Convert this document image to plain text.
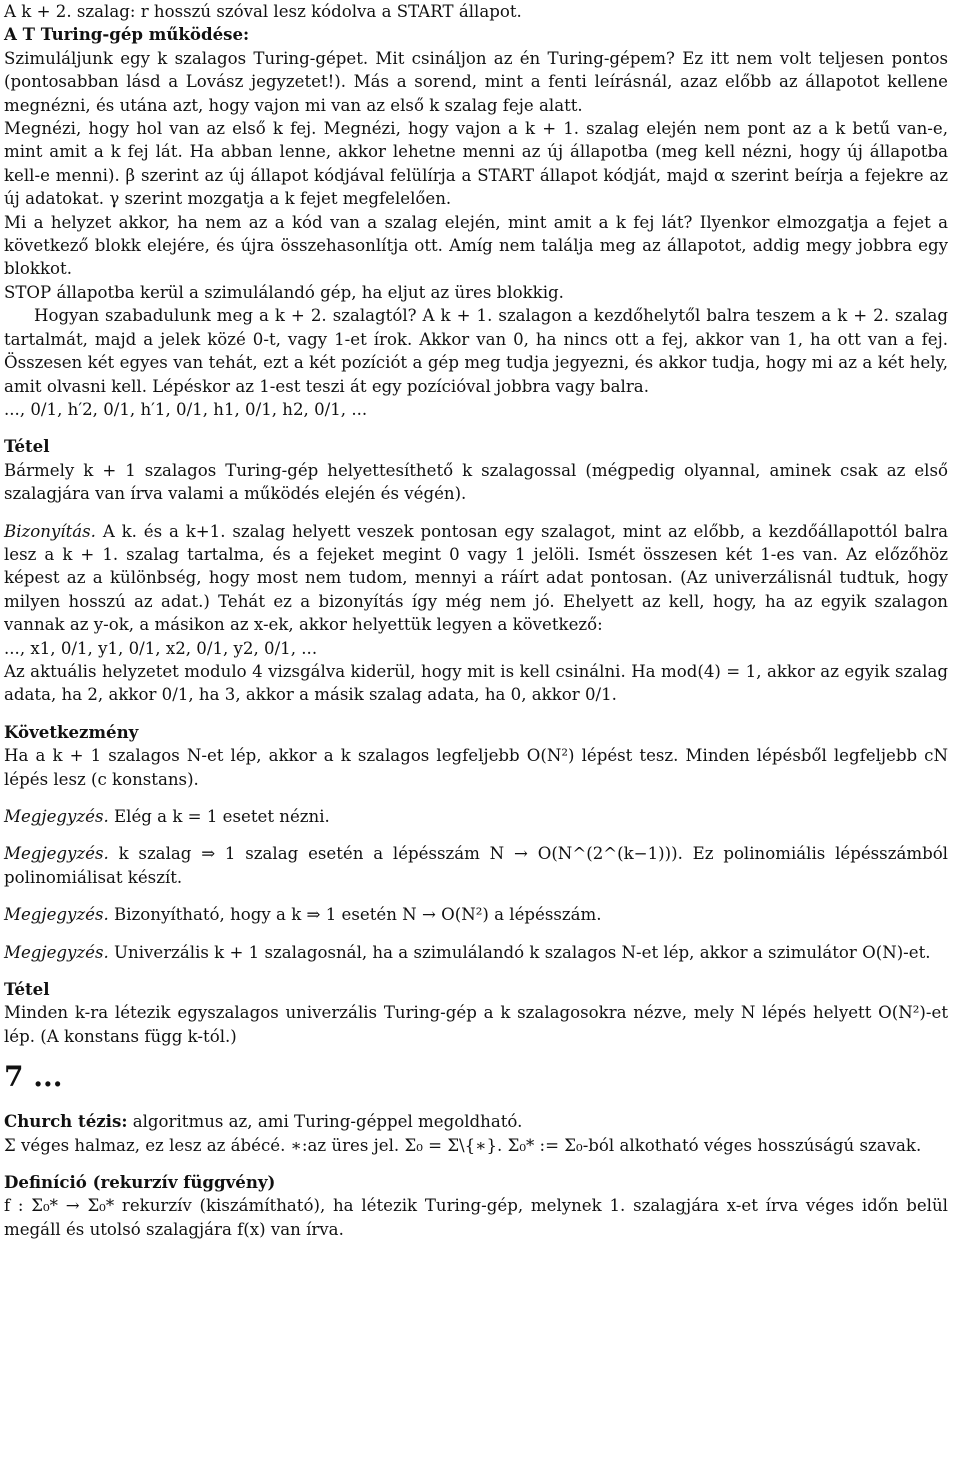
A k + 2. szalag: r hosszú szóval lesz kódolva a START állapot.

A T Turing-gép működése:

Szimuláljunk egy k szalagos Turing-gépet. Mit csináljon az én Turing-gépem? Ez itt nem volt teljesen pontos (pontosabban lásd a Lovász jegyzetet!). Más a sorend, mint a fenti leírásnál, azaz előbb az állapotot kellene megnézni, és utána azt, hogy vajon mi van az első k szalag feje alatt.

Megnézi, hogy hol van az első k fej. Megnézi, hogy vajon a k + 1. szalag elején nem pont az a k betű van-e, mint amit a k fej lát. Ha abban lenne, akkor lehetne menni az új állapotba (meg kell nézni, hogy új állapotba kell-e menni). β szerint az új állapot kódjával felülírja a START állapot kódját, majd α szerint beírja a fejekre az új adatokat. γ szerint mozgatja a k fejet megfelelően.

Mi a helyzet akkor, ha nem az a kód van a szalag elején, mint amit a k fej lát? Ilyenkor elmozgatja a fejet a következő blokk elejére, és újra összehasonlítja ott. Amíg nem találja meg az állapotot, addig megy jobbra egy blokkot.

STOP állapotba kerül a szimulálandó gép, ha eljut az üres blokkig.

Hogyan szabadulunk meg a k + 2. szalagtól? A k + 1. szalagon a kezdőhelytől balra teszem a k + 2. szalag tartalmát, majd a jelek közé 0-t, vagy 1-et írok. Akkor van 0, ha nincs ott a fej, akkor van 1, ha ott van a fej. Összesen két egyes van tehát, ezt a két pozíciót a gép meg tudja jegyezni, és akkor tudja, hogy mi az a két hely, amit olvasni kell. Lépéskor az 1-est teszi át egy pozícióval jobbra vagy balra.

..., 0/1, h′2, 0/1, h′1, 0/1, h1, 0/1, h2, 0/1, ...

Tétel

Bármely k + 1 szalagos Turing-gép helyettesíthető k szalagossal (mégpedig olyannal, aminek csak az első szalagjára van írva valami a működés elején és végén).

Bizonyítás. A k. és a k+1. szalag helyett veszek pontosan egy szalagot, mint az előbb, a kezdőállapottól balra lesz a k + 1. szalag tartalma, és a fejeket megint 0 vagy 1 jelöli. Ismét összesen két 1-es van. Az előzőhöz képest az a különbség, hogy most nem tudom, mennyi a ráírt adat pontosan. (Az univerzálisnál tudtuk, hogy milyen hosszú az adat.) Tehát ez a bizonyítás így még nem jó. Ehelyett az kell, hogy, ha az egyik szalagon vannak az y-ok, a másikon az x-ek, akkor helyettük legyen a következő:

..., x1, 0/1, y1, 0/1, x2, 0/1, y2, 0/1, ...

Az aktuális helyzetet modulo 4 vizsgálva kiderül, hogy mit is kell csinálni. Ha mod(4) = 1, akkor az egyik szalag adata, ha 2, akkor 0/1, ha 3, akkor a másik szalag adata, ha 0, akkor 0/1.

Következmény

Ha a k + 1 szalagos N-et lép, akkor a k szalagos legfeljebb O(N²) lépést tesz. Minden lépésből legfeljebb cN lépés lesz (c konstans).

Megjegyzés. Elég a k = 1 esetet nézni.

Megjegyzés. k szalag ⇒ 1 szalag esetén a lépésszám N → O(N^(2^(k−1))). Ez polinomiális lépésszámból polinomiálisat készít.

Megjegyzés. Bizonyítható, hogy a k ⇒ 1 esetén N → O(N²) a lépésszám.

Megjegyzés. Univerzális k + 1 szalagosnál, ha a szimulálandó k szalagos N-et lép, akkor a szimulátor O(N)-et.

Tétel

Minden k-ra létezik egyszalagos univerzális Turing-gép a k szalagosokra nézve, mely N lépés helyett O(N²)-et lép. (A konstans függ k-tól.)

7 ...

Church tézis: algoritmus az, ami Turing-géppel megoldható.

Σ véges halmaz, ez lesz az ábécé. ∗:az üres jel. Σ₀ = Σ\{∗}. Σ₀* := Σ₀-ból alkotható véges hosszúságú szavak.

Definíció (rekurzív függvény)

f : Σ₀* → Σ₀* rekurzív (kiszámítható), ha létezik Turing-gép, melynek 1. szalagjára x-et írva véges időn belül megáll és utolsó szalagjára f(x) van írva.
